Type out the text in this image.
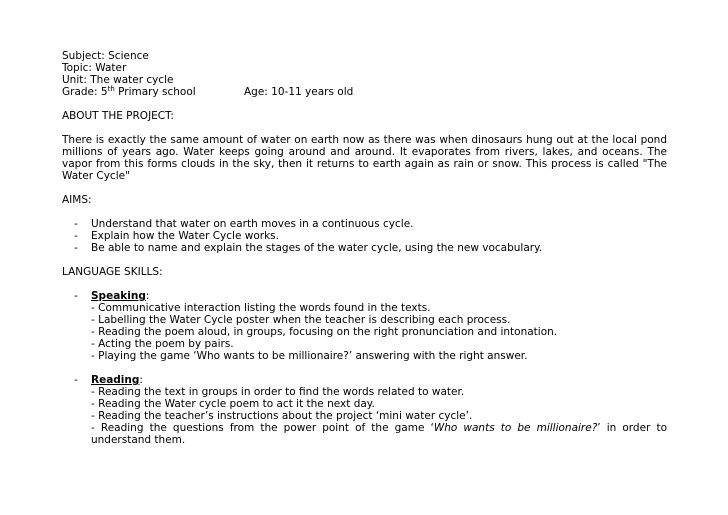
Subject: Science
Topic: Water
Unit: The water cycle
Grade: 5th Primary school	Age: 10-11 years old
ABOUT THE PROJECT:
There is exactly the same amount of water on earth now as there was when dinosaurs hung out at the local pond millions of years ago. Water keeps going around and around. It evaporates from rivers, lakes, and oceans. The vapor from this forms clouds in the sky, then it returns to earth again as rain or snow. This process is called "The Water Cycle"
AIMS:
- Understand that water on earth moves in a continuous cycle.
- Explain how the Water Cycle works.
- Be able to name and explain the stages of the water cycle, using the new vocabulary.
LANGUAGE SKILLS:
- Speaking:
- Communicative interaction listing the words found in the texts.
- Labelling the Water Cycle poster when the teacher is describing each process.
- Reading the poem aloud, in groups, focusing on the right pronunciation and intonation.
- Acting the poem by pairs.
- Playing the game ‘Who wants to be millionaire?’ answering with the right answer.
- Reading:
- Reading the text in groups in order to find the words related to water.
- Reading the Water cycle poem to act it the next day.
- Reading the teacher’s instructions about the project ‘mini water cycle’.
- Reading the questions from the power point of the game ‘Who wants to be millionaire?’ in order to understand them.
